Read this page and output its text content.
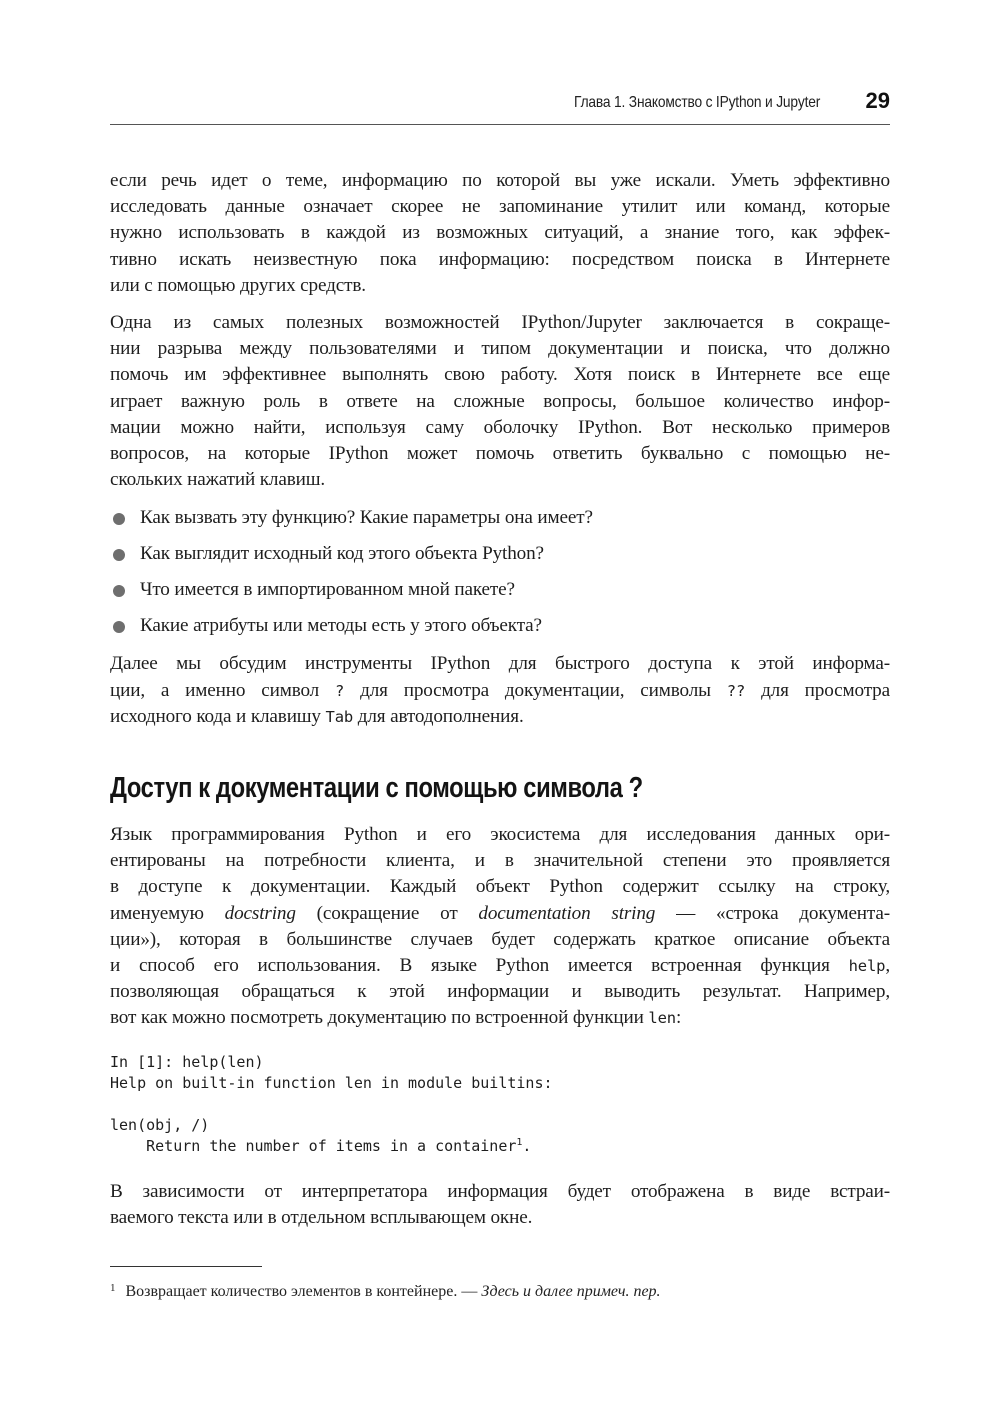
Глава 1. Знакомство с IPython и Jupyter 29

если речь идет о теме, информацию по которой вы уже искали. Уметь эффективно
исследовать данные означает скорее не запоминание утилит или команд, которые
нужно использовать в каждой из возможных ситуаций, а знание того, как эффек-
тивно искать неизвестную пока информацию: посредством поиска в Интернете
или с помощью других средств.

Одна из самых полезных возможностей IPython/Jupyter заключается в сокраще-
нии разрыва между пользователями и типом документации и поиска, что должно
помочь им эффективнее выполнять свою работу. Хотя поиск в Интернете все еще
играет важную роль в ответе на сложные вопросы, большое количество инфор-
мации можно найти, используя саму оболочку IPython. Вот несколько примеров
вопросов, на которые IPython может помочь ответить буквально с помощью не-
скольких нажатий клавиш.

Как вызвать эту функцию? Какие параметры она имеет?
Как выглядит исходный код этого объекта Python?
Что имеется в импортированном мной пакете?
Какие атрибуты или методы есть у этого объекта?

Далее мы обсудим инструменты IPython для быстрого доступа к этой информа-
ции, а именно символ ? для просмотра документации, символы ?? для просмотра
исходного кода и клавишу Tab для автодополнения.

Доступ к документации с помощью символа ?

Язык программирования Python и его экосистема для исследования данных ори-
ентированы на потребности клиента, и в значительной степени это проявляется
в доступе к документации. Каждый объект Python содержит ссылку на строку,
именуемую docstring (сокращение от documentation string — «строка документа-
ции»), которая в большинстве случаев будет содержать краткое описание объекта
и способ его использования. В языке Python имеется встроенная функция help,
позволяющая обращаться к этой информации и выводить результат. Например,
вот как можно посмотреть документацию по встроенной функции len:

In [1]: help(len)
Help on built-in function len in module builtins:

len(obj, /)
Return the number of items in a container$^1$.

В зависимости от интерпретатора информация будет отображена в виде встраи-
ваемого текста или в отдельном всплывающем окне.

$^1$ Возвращает количество элементов в контейнере. — Здесь и далее примеч. пер.
